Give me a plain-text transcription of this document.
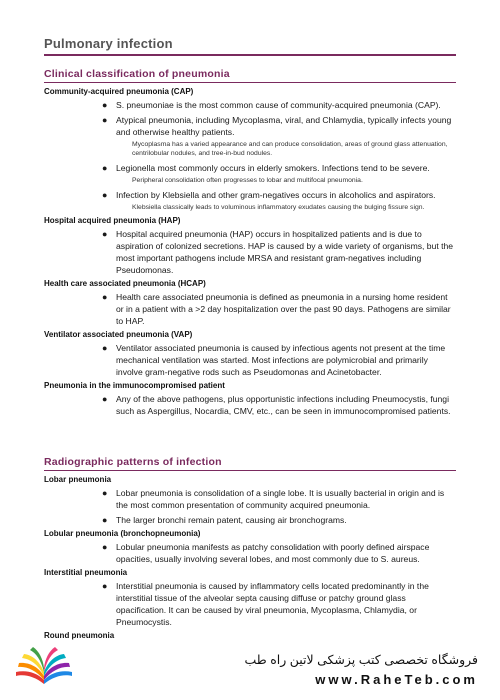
Pulmonary infection
Clinical classification of pneumonia
Community-acquired pneumonia (CAP)
● S. pneumoniae is the most common cause of community-acquired pneumonia (CAP).
● Atypical pneumonia, including Mycoplasma, viral, and Chlamydia, typically infects young and otherwise healthy patients.
Mycoplasma has a varied appearance and can produce consolidation, areas of ground glass attenuation, centrilobular nodules, and tree-in-bud nodules.
● Legionella most commonly occurs in elderly smokers. Infections tend to be severe.
Peripheral consolidation often progresses to lobar and multifocal pneumonia.
● Infection by Klebsiella and other gram-negatives occurs in alcoholics and aspirators.
Klebsiella classically leads to voluminous inflammatory exudates causing the bulging fissure sign.
Hospital acquired pneumonia (HAP)
● Hospital acquired pneumonia (HAP) occurs in hospitalized patients and is due to aspiration of colonized secretions. HAP is caused by a wide variety of organisms, but the most important pathogens include MRSA and resistant gram-negatives including Pseudomonas.
Health care associated pneumonia (HCAP)
● Health care associated pneumonia is defined as pneumonia in a nursing home resident or in a patient with a >2 day hospitalization over the past 90 days. Pathogens are similar to HAP.
Ventilator associated pneumonia (VAP)
● Ventilator associated pneumonia is caused by infectious agents not present at the time mechanical ventilation was started. Most infections are polymicrobial and primarily involve gram-negative rods such as Pseudomonas and Acinetobacter.
Pneumonia in the immunocompromised patient
● Any of the above pathogens, plus opportunistic infections including Pneumocystis, fungi such as Aspergillus, Nocardia, CMV, etc., can be seen in immunocompromised patients.
Radiographic patterns of infection
Lobar pneumonia
● Lobar pneumonia is consolidation of a single lobe. It is usually bacterial in origin and is the most common presentation of community acquired pneumonia.
● The larger bronchi remain patent, causing air bronchograms.
Lobular pneumonia (bronchopneumonia)
● Lobular pneumonia manifests as patchy consolidation with poorly defined airspace opacities, usually involving several lobes, and most commonly due to S. aureus.
Interstitial pneumonia
● Interstitial pneumonia is caused by inflammatory cells located predominantly in the interstitial tissue of the alveolar septa causing diffuse or patchy ground glass opacification. It can be caused by viral pneumonia, Mycoplasma, Chlamydia, or Pneumocystis.
Round pneumonia
فروشگاه تخصصی کتب پزشکی لاتین راه طب
www.RaheTeb.com
